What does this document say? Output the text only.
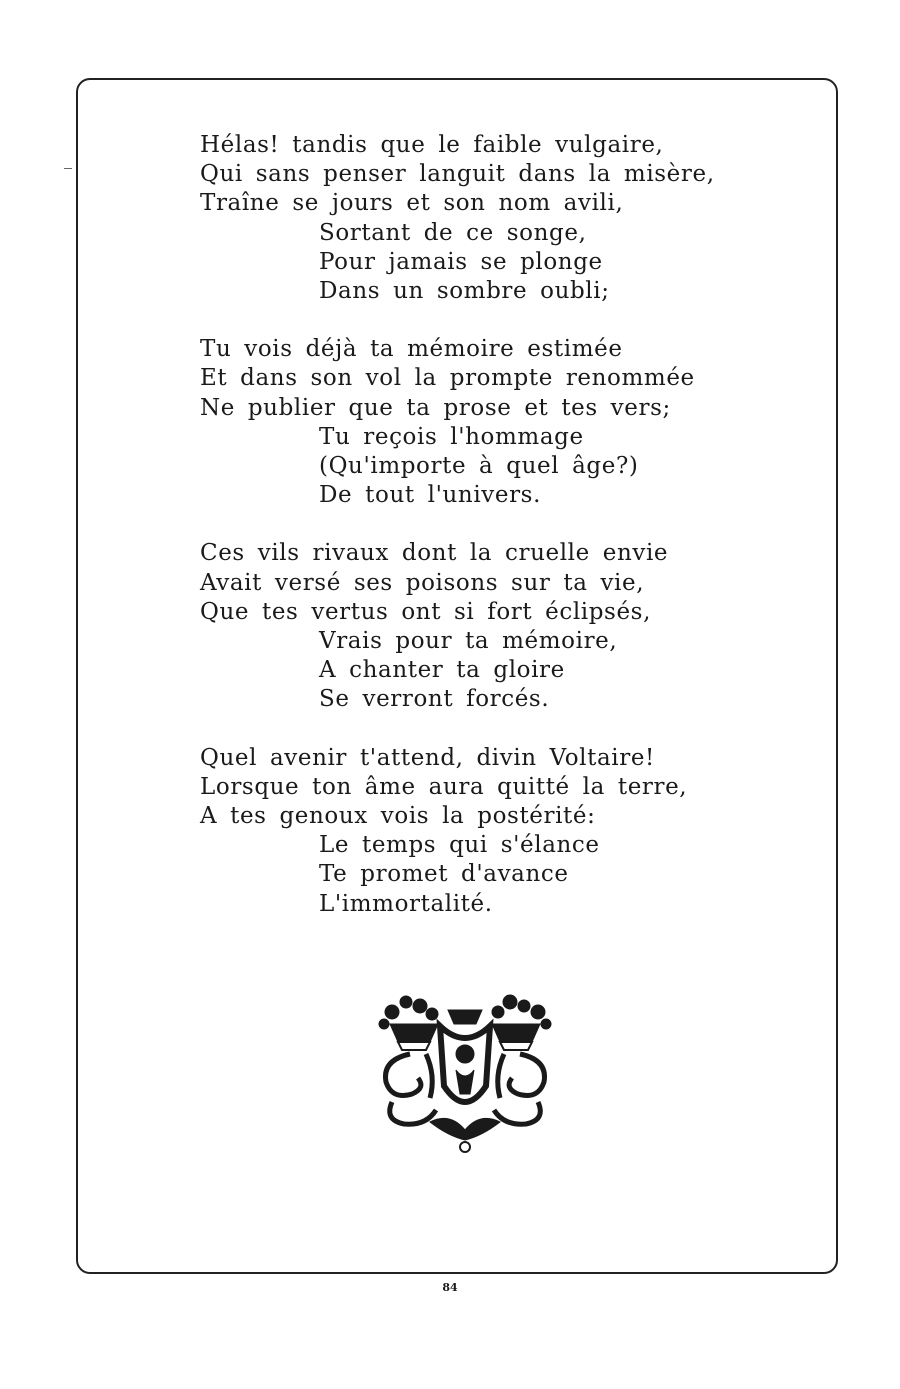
Hélas! tandis que le faible vulgaire,
Qui sans penser languit dans la misère,
Traîne se jours et son nom avili,
Sortant de ce songe,
Pour jamais se plonge
Dans un sombre oubli;
Tu vois déjà ta mémoire estimée
Et dans son vol la prompte renommée
Ne publier que ta prose et tes vers;
Tu reçois l'hommage
(Qu'importe à quel âge?)
De tout l'univers.
Ces vils rivaux dont la cruelle envie
Avait versé ses poisons sur ta vie,
Que tes vertus ont si fort éclipsés,
Vrais pour ta mémoire,
A chanter ta gloire
Se verront forcés.
Quel avenir t'attend, divin Voltaire!
Lorsque ton âme aura quitté la terre,
A tes genoux vois la postérité:
Le temps qui s'élance
Te promet d'avance
L'immortalité.
84
